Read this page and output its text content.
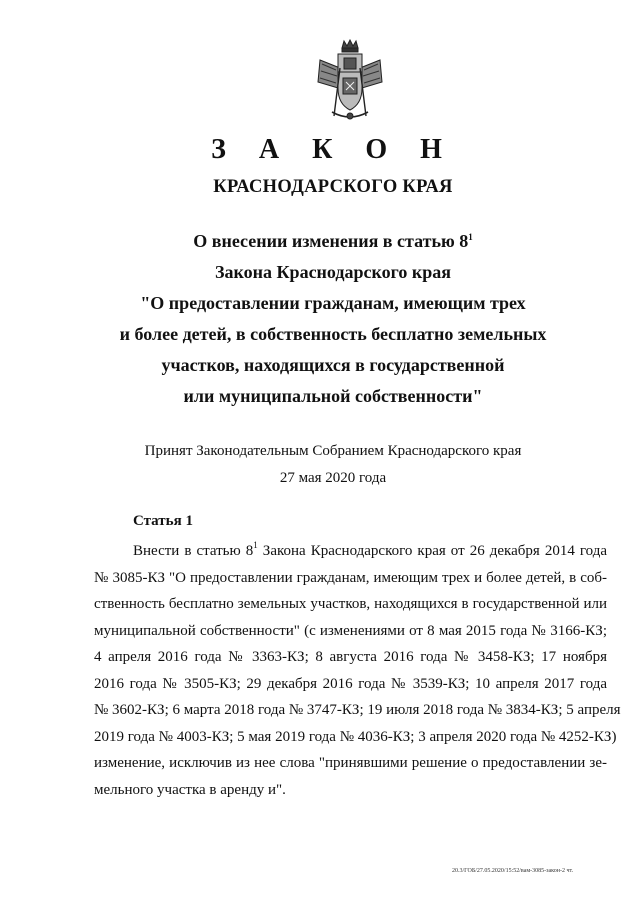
З А К О Н
КРАСНОДАРСКОГО КРАЯ
О внесении изменения в статью $8^1$
Закона Краснодарского края
"О предоставлении гражданам, имеющим трех
и более детей, в собственность бесплатно земельных
участков, находящихся в государственной
или муниципальной собственности"
Принят Законодательным Собранием Краснодарского края
27 мая 2020 года
Статья 1
Внести в статью $8^1$ Закона Краснодарского края от 26 декабря 2014 года
№ 3085-КЗ "О предоставлении гражданам, имеющим трех и более детей, в соб-
ственность бесплатно земельных участков, находящихся в государственной или
муниципальной собственности" (с изменениями от 8 мая 2015 года № 3166-КЗ;
4 апреля 2016 года № 3363-КЗ; 8 августа 2016 года № 3458-КЗ; 17 ноября
2016 года № 3505-КЗ; 29 декабря 2016 года № 3539-КЗ; 10 апреля 2017 года
№ 3602-КЗ; 6 марта 2018 года № 3747-КЗ; 19 июля 2018 года № 3834-КЗ; 5 апреля
2019 года № 4003-КЗ; 5 мая 2019 года № 4036-КЗ; 3 апреля 2020 года № 4252-КЗ)
изменение, исключив из нее слова "принявшими решение о предоставлении зе-
мельного участка в аренду и".
20.3/ГОБ/27.05.2020/15:52/вам-3085-закон-2 чт.
